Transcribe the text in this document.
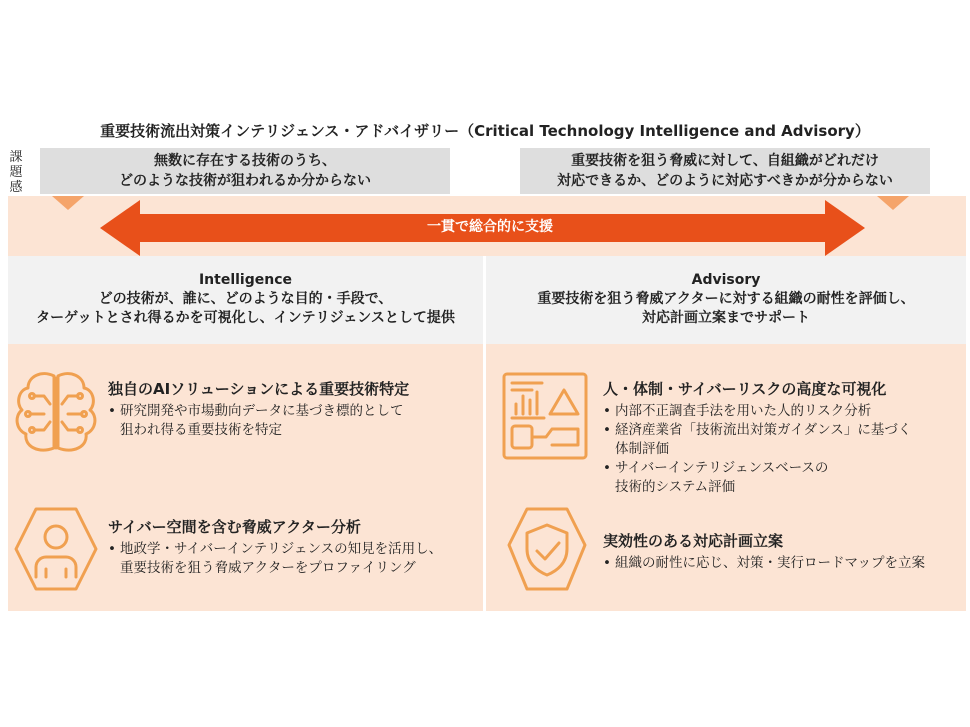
重要技術流出対策インテリジェンス・アドバイザリー（Critical Technology Intelligence and Advisory）
課
題
感
無数に存在する技術のうち、
どのような技術が狙われるか分からない
重要技術を狙う脅威に対して、自組織がどれだけ
対応できるか、どのように対応すべきかが分からない
一貫で総合的に支援
Intelligence
どの技術が、誰に、どのような目的・手段で、
ターゲットとされ得るかを可視化し、インテリジェンスとして提供
Advisory
重要技術を狙う脅威アクターに対する組織の耐性を評価し、
対応計画立案までサポート
独自のAIソリューションによる重要技術特定
• 研究開発や市場動向データに基づき標的として
狙われ得る重要技術を特定
サイバー空間を含む脅威アクター分析
• 地政学・サイバーインテリジェンスの知見を活用し、
重要技術を狙う脅威アクターをプロファイリング
人・体制・サイバーリスクの高度な可視化
• 内部不正調査手法を用いた人的リスク分析
• 経済産業省「技術流出対策ガイダンス」に基づく
体制評価
• サイバーインテリジェンスベースの
技術的システム評価
実効性のある対応計画立案
• 組織の耐性に応じ、対策・実行ロードマップを立案
